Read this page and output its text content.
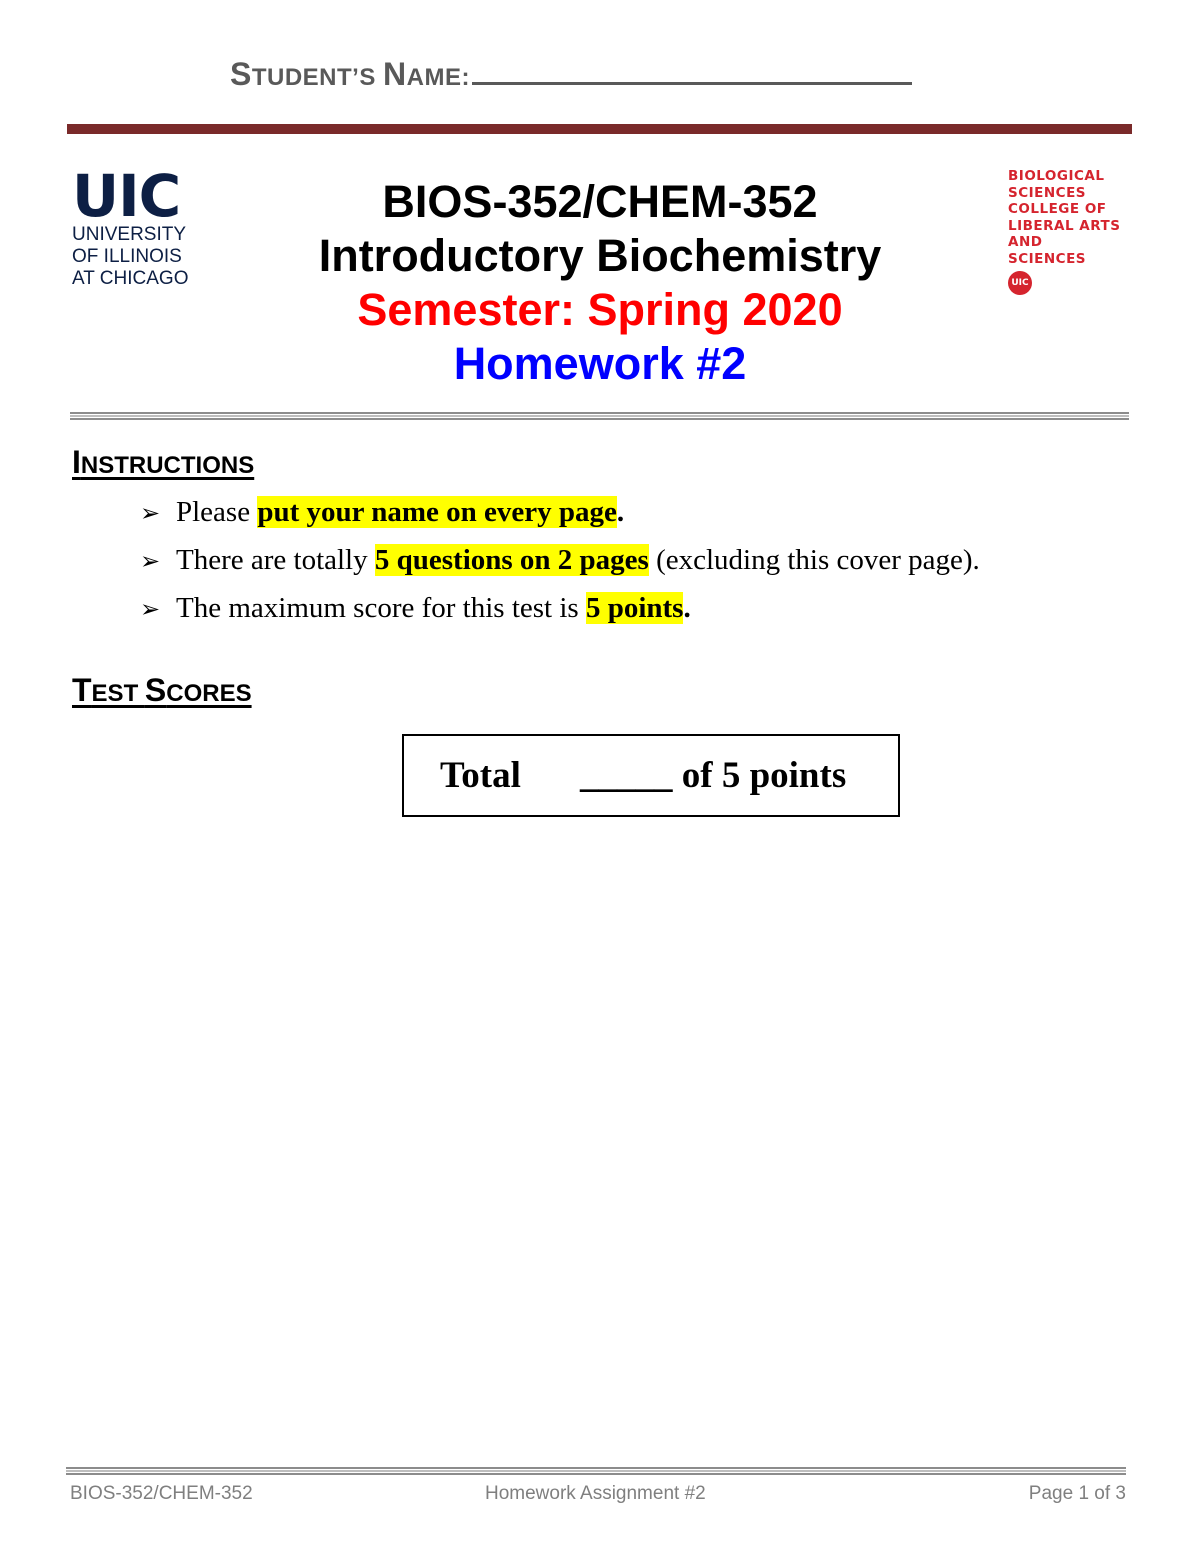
STUDENT’S NAME:
UIC
UNIVERSITY
OF ILLINOIS
AT CHICAGO
BIOS-352/CHEM-352
Introductory Biochemistry
Semester: Spring 2020
Homework #2
BIOLOGICAL
SCIENCES
COLLEGE OF
LIBERAL ARTS
AND
SCIENCES
UIC
INSTRUCTIONS
➢ Please put your name on every page.
➢ There are totally 5 questions on 2 pages (excluding this cover page).
➢ The maximum score for this test is 5 points.
TEST SCORES
Total _____ of 5 points
BIOS-352/CHEM-352	Homework Assignment #2	Page 1 of 3
